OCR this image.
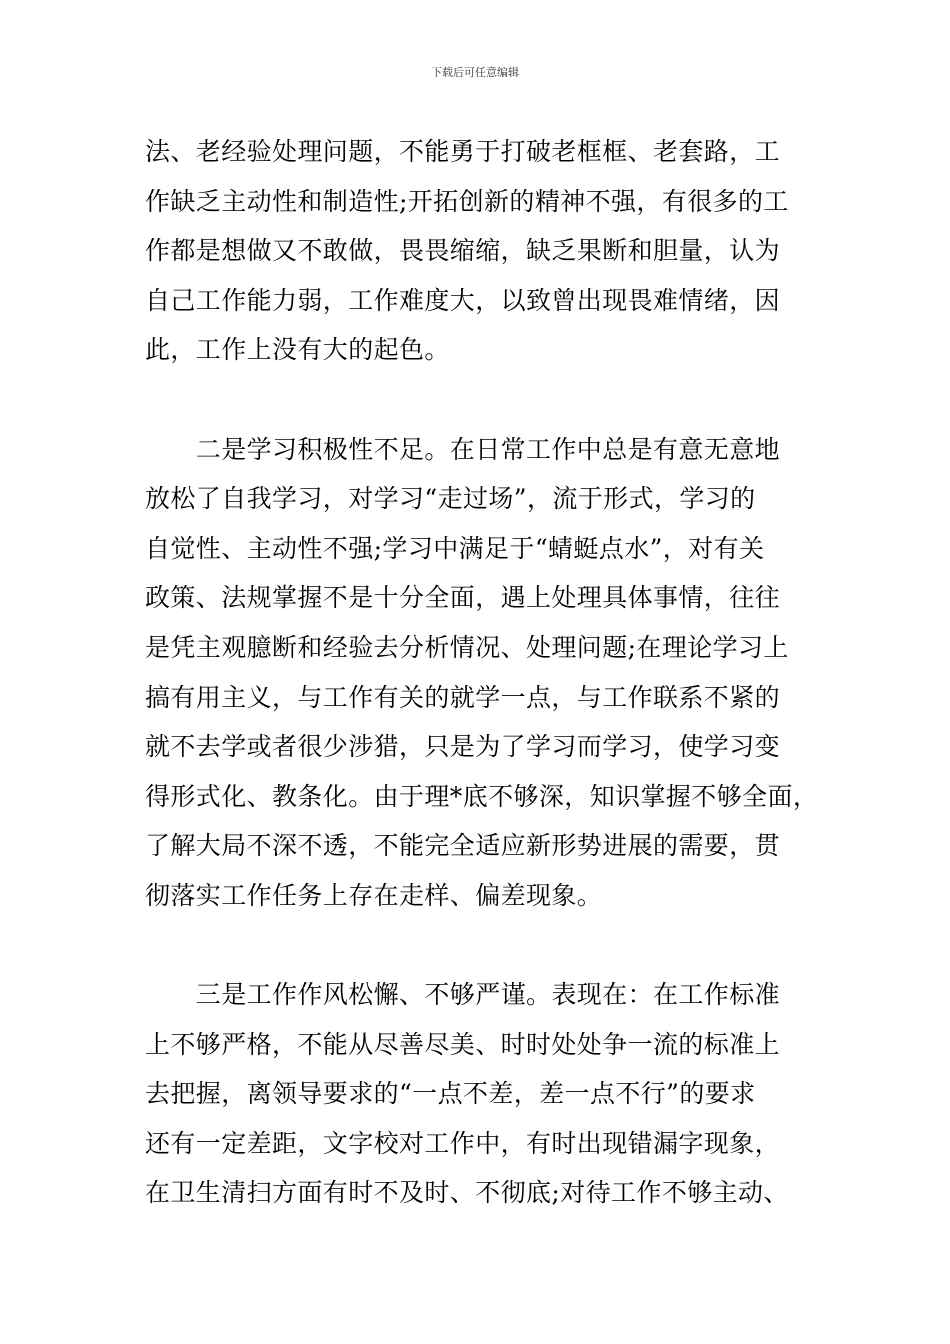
下载后可任意编辑
法、老经验处理问题，不能勇于打破老框框、老套路，工
作缺乏主动性和制造性;开拓创新的精神不强，有很多的工
作都是想做又不敢做，畏畏缩缩，缺乏果断和胆量，认为
自己工作能力弱，工作难度大，以致曾出现畏难情绪，因
此，工作上没有大的起色。
　　二是学习积极性不足。在日常工作中总是有意无意地
放松了自我学习，对学习“走过场”，流于形式，学习的
自觉性、主动性不强;学习中满足于“蜻蜓点水”，对有关
政策、法规掌握不是十分全面，遇上处理具体事情，往往
是凭主观臆断和经验去分析情况、处理问题;在理论学习上
搞有用主义，与工作有关的就学一点，与工作联系不紧的
就不去学或者很少涉猎，只是为了学习而学习，使学习变
得形式化、教条化。由于理*底不够深，知识掌握不够全面，
了解大局不深不透，不能完全适应新形势进展的需要，贯
彻落实工作任务上存在走样、偏差现象。
　　三是工作作风松懈、不够严谨。表现在：在工作标准
上不够严格，不能从尽善尽美、时时处处争一流的标准上
去把握，离领导要求的“一点不差，差一点不行”的要求
还有一定差距，文字校对工作中，有时出现错漏字现象，
在卫生清扫方面有时不及时、不彻底;对待工作不够主动、
